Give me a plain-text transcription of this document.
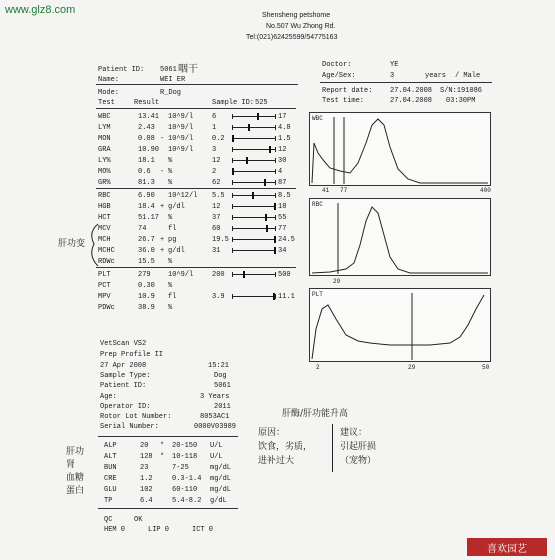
www.glz8.com	Shensheng petshome
No.507 Wu Zhong Rd.
Tel:(021)62425599/54775163
Patient ID: 5061
Name:	WEI ER
Mode:	R_Dog
Test	Result	Sample ID: 525
Doctor:	YE
Age/Sex:	3	years / Male
Report date:	27.04.2008 S/N:191086
Test time:	27.04.2008 03:30PM
WBC	13.41 10^9/l	6	17
LYM	2.43 10^9/l	1	4.8
MON	0.08 - 10^9/l	0.2	1.5
GRA	10.90 10^9/l	3	12
LY%	18.1 %	12	30
MO%	0.6 - %	2	4
GR%	81.3 %	62	87
RBC	6.90 10^12/l 5.5	8.5
HGB	18.4 + g/dl	12	18
HCT	51.17 %	37	55
MCV	74	fl	60	77
MCH	26.7 + pg	19.5	24.5
MCHC	36.0 + g/dl	31	34
RDWc	15.5 %
PLT	279 10^9/l	200	500
PCT	0.30 %
MPV	10.9 fl	3.9	11.1
PDWc	38.9 %
WBC
41 77	400
RBC
29
PLT
2	29	50
VetScan VS2
Prep Profile II
27 Apr 2008	15:21
Sample Type:	Dog
Patient ID:	5061
Age:	3 Years
Operator ID:	2011
Rotor Lot Number:	8053AC1
Serial Number:	0000V03989
ALP	20 * 20-150 U/L
ALT	128 * 10-118 U/L
BUN	23	7-25	mg/dL
CRE	1.2	0.3-1.4 mg/dL
GLU	102	60-110 mg/dL
TP	6.4	5.4-8.2 g/dL
QC	OK
HEM 0	LIP 0	ICT 0
咽干
肝功变
肝功
肾
血糖
蛋白
肝酶/肝功能升高
原因：
饮食，劣质，
进补过大
建议：
引起肝损
（宠物）
喜欢园艺
